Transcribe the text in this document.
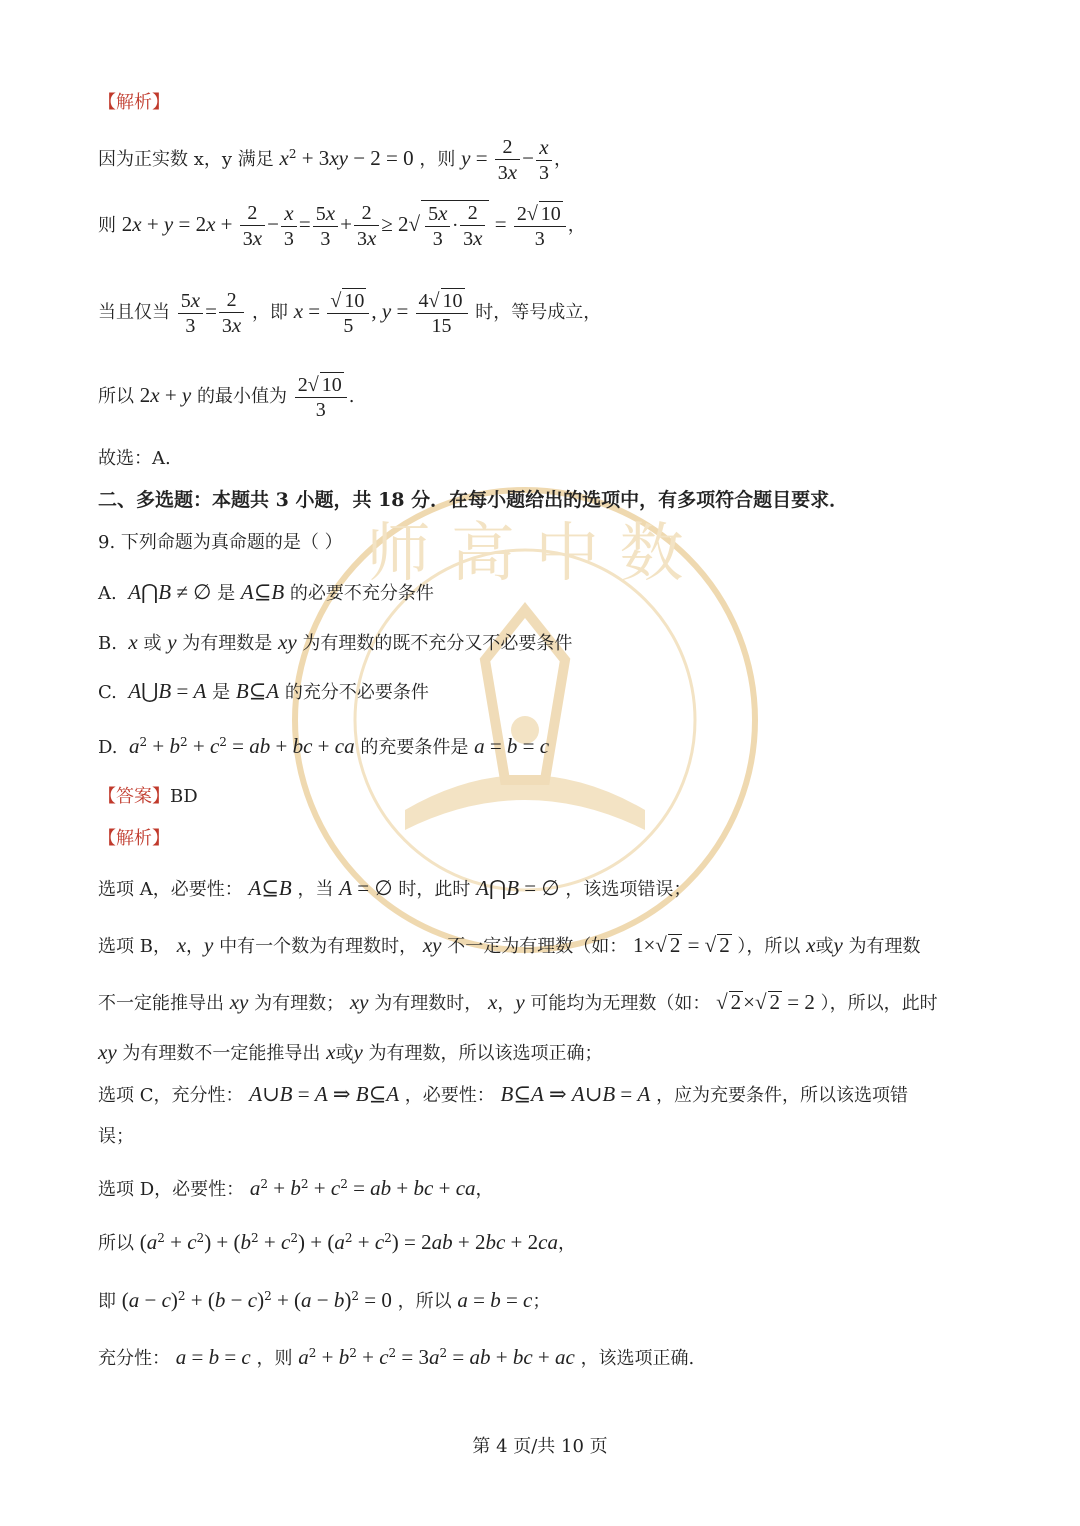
师 高 中 数
【解析】
因为正实数 x，y 满足 $x^2 + 3xy - 2 = 0$ ，则 $y = \frac{2}{3x} - \frac{x}{3}$ ，
则 $2x + y = 2x + \frac{2}{3x} - \frac{x}{3} = \frac{5x}{3} + \frac{2}{3x} \ge 2√ \frac{5x}{3} \cdot \frac{2}{3x} = \frac{2√ 10}{3}$ ，
当且仅当 $\frac{5x}{3} = \frac{2}{3x}$ ，即 $x = \frac{√ 10}{5}$ , $y = \frac{4√ 10}{15}$ 时，等号成立，
所以 2x + y 的最小值为 $\frac{2√ 10}{3}$ .
故选：A.
二、多选题：本题共 3 小题，共 18 分．在每小题给出的选项中，有多项符合题目要求．
9. 下列命题为真命题的是（ ）
A. A⋂B ≠ ∅ 是 A⊆B 的必要不充分条件
B. x 或 y 为有理数是 xy 为有理数的既不充分又不必要条件
C. A⋃B = A 是 B⊆A 的充分不必要条件
D. $a^2 + b^2 + c^2$ = ab + bc + ca 的充要条件是 a = b = c
【答案】BD
【解析】
选项 A，必要性： A⊆B ，当 A = ∅ 时，此时 A⋂B = ∅ ，该选项错误；
选项 B， x，y 中有一个数为有理数时， xy 不一定为有理数（如： 1×√ 2 = √ 2 ），所以 x或y 为有理数
不一定能推导出 xy 为有理数； xy 为有理数时， x，y 可能均为无理数（如： √ 2×√ 2 = 2 ），所以，此时
xy 为有理数不一定能推导出 x或y 为有理数，所以该选项正确；
选项 C，充分性： A∪B = A ⇒ B⊆A ，必要性： B⊆A ⇒ A∪B = A ，应为充要条件，所以该选项错
误；
选项 D，必要性： $a^2 + b^2 + c^2$ = ab + bc + ca，
所以 $(a^2 + c^2) + (b^2 + c^2) + (a^2 + c^2) = 2ab + 2bc + 2ca$，
即 $(a - c)^2 + (b - c)^2 + (a - b)^2 = 0$ ，所以 a = b = c；
充分性： a = b = c ，则 $a^2 + b^2 + c^2 = 3a^2$ = ab + bc + ac ，该选项正确.
第 4 页/共 10 页
